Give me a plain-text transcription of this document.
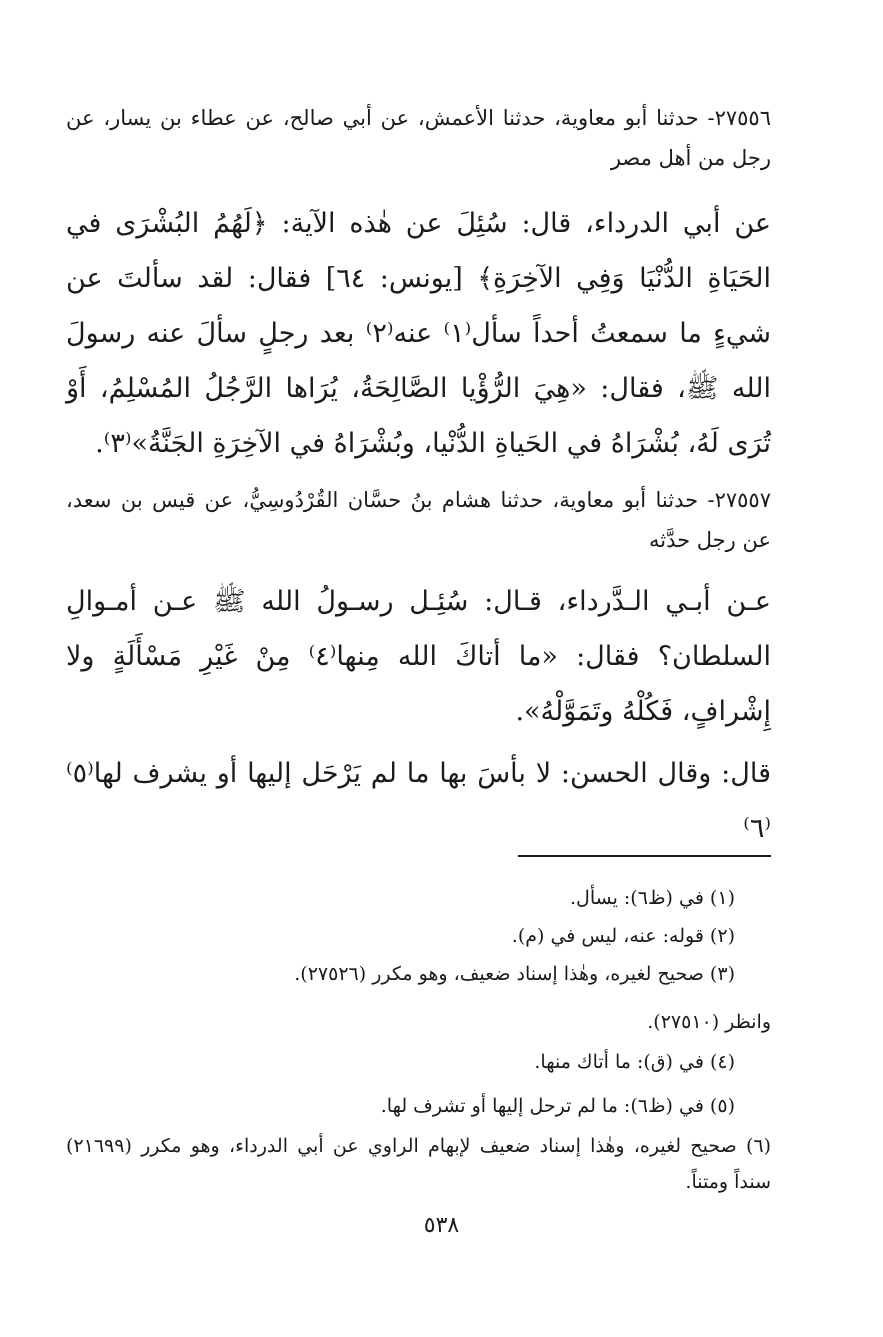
٢٧٥٥٦- حدثنا أبو معاوية، حدثنا الأعمش، عن أبي صالح، عن عطاء بن يسار، عن رجل من أهل مصر

عن أبي الدرداء، قال: سُئِلَ عن هٰذه الآية: ﴿لَهُمُ البُشْرَى في الحَيَاةِ الدُّنْيَا وَفِي الآخِرَةِ﴾ [يونس: ٦٤] فقال: لقد سألتَ عن شيءٍ ما سمعتُ أحداً سأل⁽١⁾ عنه⁽٢⁾ بعد رجلٍ سألَ عنه رسولَ الله ﷺ، فقال: «هِيَ الرُّؤْيا الصَّالِحَةُ، يُرَاها الرَّجُلُ المُسْلِمُ، أَوْ تُرَى لَهُ، بُشْرَاهُ في الحَياةِ الدُّنْيا، وبُشْرَاهُ في الآخِرَةِ الجَنَّةُ»⁽٣⁾.

٢٧٥٥٧- حدثنا أبو معاوية، حدثنا هشام بنُ حسَّان القُرْدُوسِيُّ، عن قيس بن سعد، عن رجل حدَّثه

عـن أبـي الـدَّرداء، قـال: سُئِـل رسـولُ الله ﷺ عـن أمـوالِ السلطان؟ فقال: «ما أتاكَ الله مِنها⁽٤⁾ مِنْ غَيْرِ مَسْأَلَةٍ ولا إِشْرافٍ، فَكُلْهُ وتَمَوَّلْهُ».

قال: وقال الحسن: لا بأسَ بها ما لم يَرْحَل إليها أو يشرف لها⁽٥⁾ ⁽٦⁾

(١) في (ظ٦): يسأل.

(٢) قوله: عنه، ليس في (م).

(٣) صحيح لغيره، وهٰذا إسناد ضعيف، وهو مكرر (٢٧٥٢٦).

وانظر (٢٧٥١٠).

(٤) في (ق): ما أتاك منها.

(٥) في (ظ٦): ما لم ترحل إليها أو تشرف لها.

(٦) صحيح لغيره، وهٰذا إسناد ضعيف لإبهام الراوي عن أبي الدرداء، وهو مكرر (٢١٦٩٩) سنداً ومتناً.

٥٣٨
